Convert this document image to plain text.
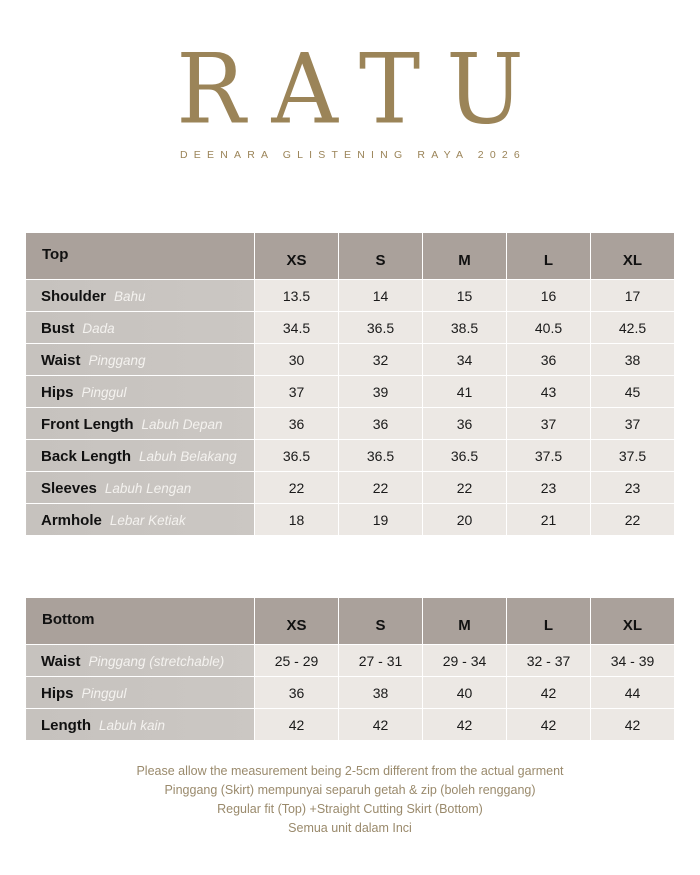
RATU
DEENARA GLISTENING RAYA 2026
Top	XS	S	M	L	XL
Shoulder Bahu	13.5	14	15	16	17
Bust Dada	34.5	36.5	38.5	40.5	42.5
Waist Pinggang	30	32	34	36	38
Hips Pinggul	37	39	41	43	45
Front Length Labuh Depan	36	36	36	37	37
Back Length Labuh Belakang	36.5	36.5	36.5	37.5	37.5
Sleeves Labuh Lengan	22	22	22	23	23
Armhole Lebar Ketiak	18	19	20	21	22
Bottom	XS	S	M	L	XL
Waist Pinggang (stretchable)	25 - 29	27 - 31	29 - 34	32 - 37	34 - 39
Hips Pinggul	36	38	40	42	44
Length Labuh kain	42	42	42	42	42
Please allow the measurement being 2-5cm different from the actual garment
Pinggang (Skirt) mempunyai separuh getah & zip (boleh renggang)
Regular fit (Top) +Straight Cutting Skirt (Bottom)
Semua unit dalam Inci
